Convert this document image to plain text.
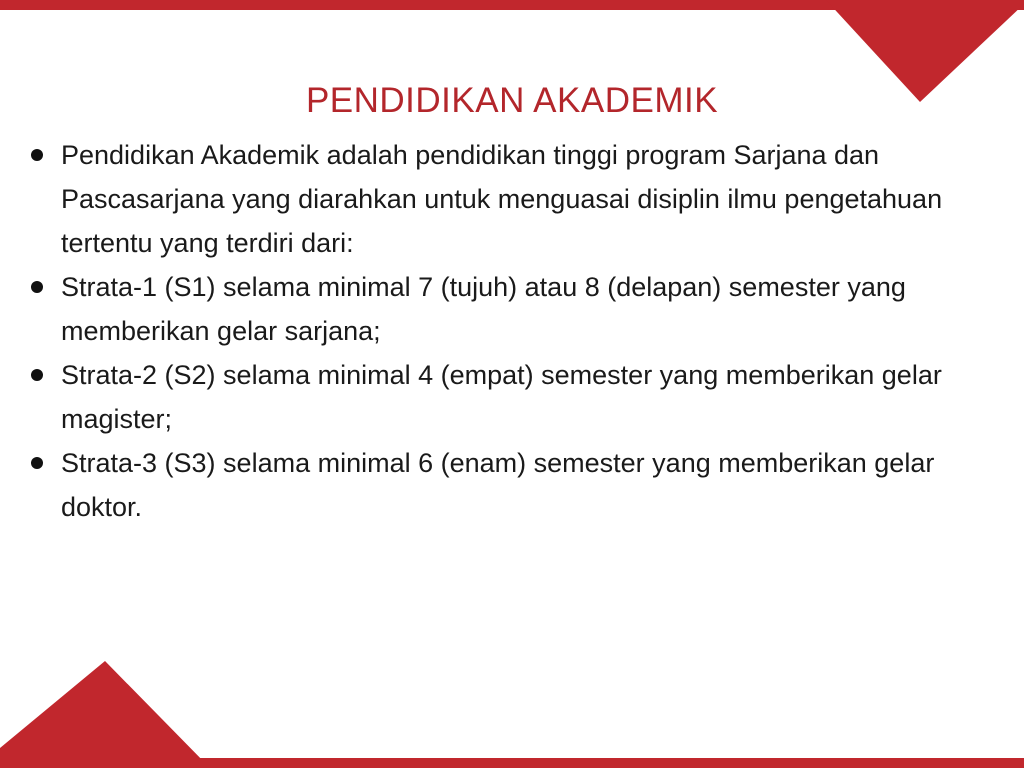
PENDIDIKAN AKADEMIK
Pendidikan Akademik adalah pendidikan tinggi program Sarjana dan Pascasarjana yang diarahkan untuk menguasai disiplin ilmu pengetahuan tertentu yang terdiri dari:
Strata-1 (S1) selama minimal 7 (tujuh) atau 8 (delapan) semester yang memberikan gelar sarjana;
Strata-2 (S2) selama minimal 4 (empat) semester yang memberikan gelar magister;
Strata-3 (S3) selama minimal 6 (enam) semester yang memberikan gelar doktor.
